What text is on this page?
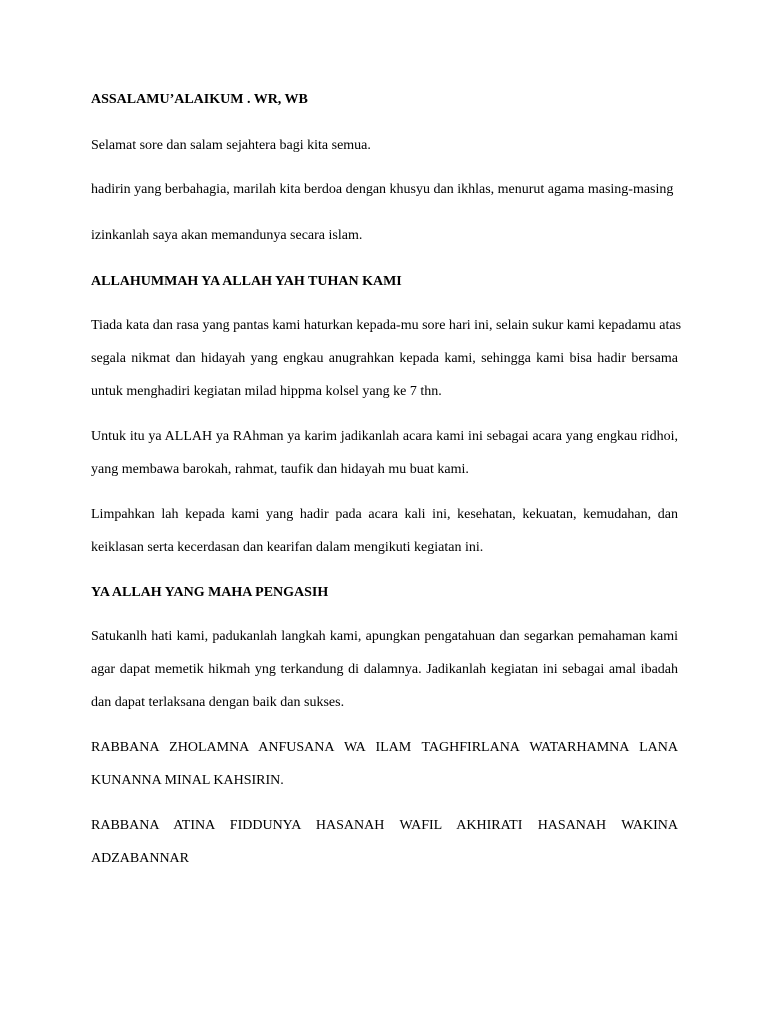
ASSALAMU’ALAIKUM . WR, WB
Selamat sore dan salam sejahtera bagi kita semua.
hadirin yang berbahagia, marilah kita berdoa dengan khusyu dan ikhlas, menurut agama masing-masing
izinkanlah saya akan memandunya secara islam.
ALLAHUMMAH YA ALLAH YAH TUHAN KAMI
Tiada kata dan rasa yang pantas kami haturkan kepada-mu sore hari ini, selain sukur kami kepadamu atas
segala nikmat dan hidayah yang engkau anugrahkan kepada kami, sehingga kami bisa hadir bersama
untuk menghadiri kegiatan milad hippma kolsel yang ke 7 thn.
Untuk itu ya ALLAH ya RAhman ya karim jadikanlah acara kami ini sebagai acara yang engkau ridhoi,
yang membawa barokah, rahmat, taufik dan hidayah mu buat kami.
Limpahkan lah kepada kami yang hadir pada acara kali ini, kesehatan, kekuatan, kemudahan, dan
keiklasan serta kecerdasan dan kearifan dalam mengikuti kegiatan ini.
YA ALLAH YANG MAHA PENGASIH
Satukanlh hati kami, padukanlah langkah kami, apungkan pengatahuan dan segarkan pemahaman kami
agar dapat memetik hikmah yng terkandung di dalamnya. Jadikanlah kegiatan ini sebagai amal ibadah
dan dapat terlaksana dengan baik dan sukses.
RABBANA ZHOLAMNA ANFUSANA WA ILAM TAGHFIRLANA WATARHAMNA LANA
KUNANNA MINAL KAHSIRIN.
RABBANA ATINA FIDDUNYA HASANAH WAFIL AKHIRATI HASANAH WAKINA
ADZABANNAR
